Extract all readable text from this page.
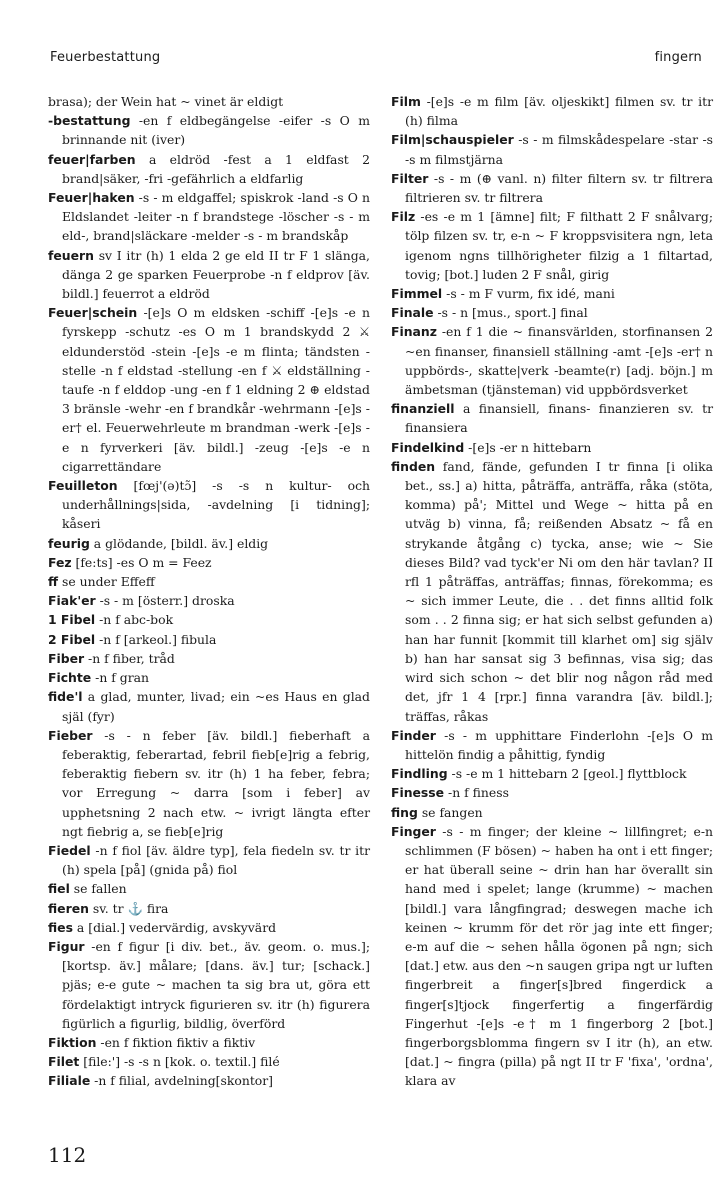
Feuerbestattung	fingern

brasa); der Wein hat ~ vinet är eldigt

-bestattung -en f eldbegängelse -eifer -s O m brinnande nit (iver)

feuer|farben a eldröd -fest a 1 eldfast 2 brand|säker, -fri -gefährlich a eldfarlig

Feuer|haken -s - m eldgaffel; spiskrok -land -s O n Eldslandet -leiter -n f brandstege -löscher -s - m eld-, brand|släckare -melder -s - m brandskåp

feuern sv I itr (h) 1 elda 2 ge eld II tr F 1 slänga, dänga 2 ge sparken Feuerprobe -n f eldprov [äv. bildl.] feuerrot a eldröd

Feuer|schein -[e]s O m eldsken -schiff -[e]s -e n fyrskepp -schutz -es O m 1 brandskydd 2 ⚔ eldunderstöd -stein -[e]s -e m flinta; tändsten -stelle -n f eldstad -stellung -en f ⚔ eldställning -taufe -n f elddop -ung -en f 1 eldning 2 ⊕ eldstad 3 bränsle -wehr -en f brandkår -wehrmann -[e]s -er† el. Feuerwehrleute m brandman -werk -[e]s -e n fyrverkeri [äv. bildl.] -zeug -[e]s -e n cigarrettändare

Feuilleton [fœj'(ə)tɔ̃] -s -s n kultur- och underhållnings|sida, -avdelning [i tidning]; kåseri

feurig a glödande, [bildl. äv.] eldig

Fez [fe:ts] -es O m = Feez

ff se under Effeff

Fiak'er -s - m [österr.] droska

1 Fibel -n f abc-bok

2 Fibel -n f [arkeol.] fibula

Fiber -n f fiber, tråd

Fichte -n f gran

fide'l a glad, munter, livad; ein ~es Haus en glad själ (fyr)

Fieber -s - n feber [äv. bildl.] fieberhaft a feberaktig, feberartad, febril fieb[e]rig a febrig, feberaktig fiebern sv. itr (h) 1 ha feber, febra; vor Erregung ~ darra [som i feber] av upphetsning 2 nach etw. ~ ivrigt längta efter ngt fiebrig a, se fieb[e]rig

Fiedel -n f fiol [äv. äldre typ], fela fiedeln sv. tr itr (h) spela [på] (gnida på) fiol

fiel se fallen

fieren sv. tr ⚓ fira

fies a [dial.] vedervärdig, avskyvärd

Figur -en f figur [i div. bet., äv. geom. o. mus.]; [kortsp. äv.] målare; [dans. äv.] tur; [schack.] pjäs; e-e gute ~ machen ta sig bra ut, göra ett fördelaktigt intryck figurieren sv. itr (h) figurera figürlich a figurlig, bildlig, överförd

Fiktion -en f fiktion fiktiv a fiktiv

Filet [file:'] -s -s n [kok. o. textil.] filé

Filiale -n f filial, avdelning[skontor]

Film -[e]s -e m film [äv. oljeskikt] filmen sv. tr itr (h) filma

Film|schauspieler -s - m filmskådespelare -star -s -s m filmstjärna

Filter -s - m (⊕ vanl. n) filter filtern sv. tr filtrera filtrieren sv. tr filtrera

Filz -es -e m 1 [ämne] filt; F filthatt 2 F snålvarg; tölp filzen sv. tr, e-n ~ F kroppsvisitera ngn, leta igenom ngns tillhörigheter filzig a 1 filtartad, tovig; [bot.] luden 2 F snål, girig

Fimmel -s - m F vurm, fix idé, mani

Finale -s - n [mus., sport.] final

Finanz -en f 1 die ~ finansvärlden, storfinansen 2 ~en finanser, finansiell ställning -amt -[e]s -er† n uppbörds-, skatte|verk -beamte(r) [adj. böjn.] m ämbetsman (tjänsteman) vid uppbördsverket

finanziell a finansiell, finans- finanzieren sv. tr finansiera

Findelkind -[e]s -er n hittebarn

finden fand, fände, gefunden I tr finna [i olika bet., ss.] a) hitta, påträffa, anträffa, råka (stöta, komma) på'; Mittel und Wege ~ hitta på en utväg b) vinna, få; reißenden Absatz ~ få en strykande åtgång c) tycka, anse; wie ~ Sie dieses Bild? vad tyck'er Ni om den här tavlan? II rfl 1 påträffas, anträffas; finnas, förekomma; es ~ sich immer Leute, die . . det finns alltid folk som . . 2 finna sig; er hat sich selbst gefunden a) han har funnit [kommit till klarhet om] sig själv b) han har sansat sig 3 befinnas, visa sig; das wird sich schon ~ det blir nog någon råd med det, jfr 1 4 [rpr.] finna varandra [äv. bildl.]; träffas, råkas

Finder -s - m upphittare Finderlohn -[e]s O m hittelön findig a påhittig, fyndig

Findling -s -e m 1 hittebarn 2 [geol.] flyttblock

Finesse -n f finess

fing se fangen

Finger -s - m finger; der kleine ~ lillfingret; e-n schlimmen (F bösen) ~ haben ha ont i ett finger; er hat überall seine ~ drin han har överallt sin hand med i spelet; lange (krumme) ~ machen [bildl.] vara långfingrad; deswegen mache ich keinen ~ krumm för det rör jag inte ett finger; e-m auf die ~ sehen hålla ögonen på ngn; sich [dat.] etw. aus den ~n saugen gripa ngt ur luften fingerbreit a finger[s]bred fingerdick a finger[s]tjock fingerfertig a fingerfärdig Fingerhut -[e]s -e† m 1 fingerborg 2 [bot.] fingerborgsblomma fingern sv I itr (h), an etw. [dat.] ~ fingra (pilla) på ngt II tr F 'fixa', 'ordna', klara av

112
